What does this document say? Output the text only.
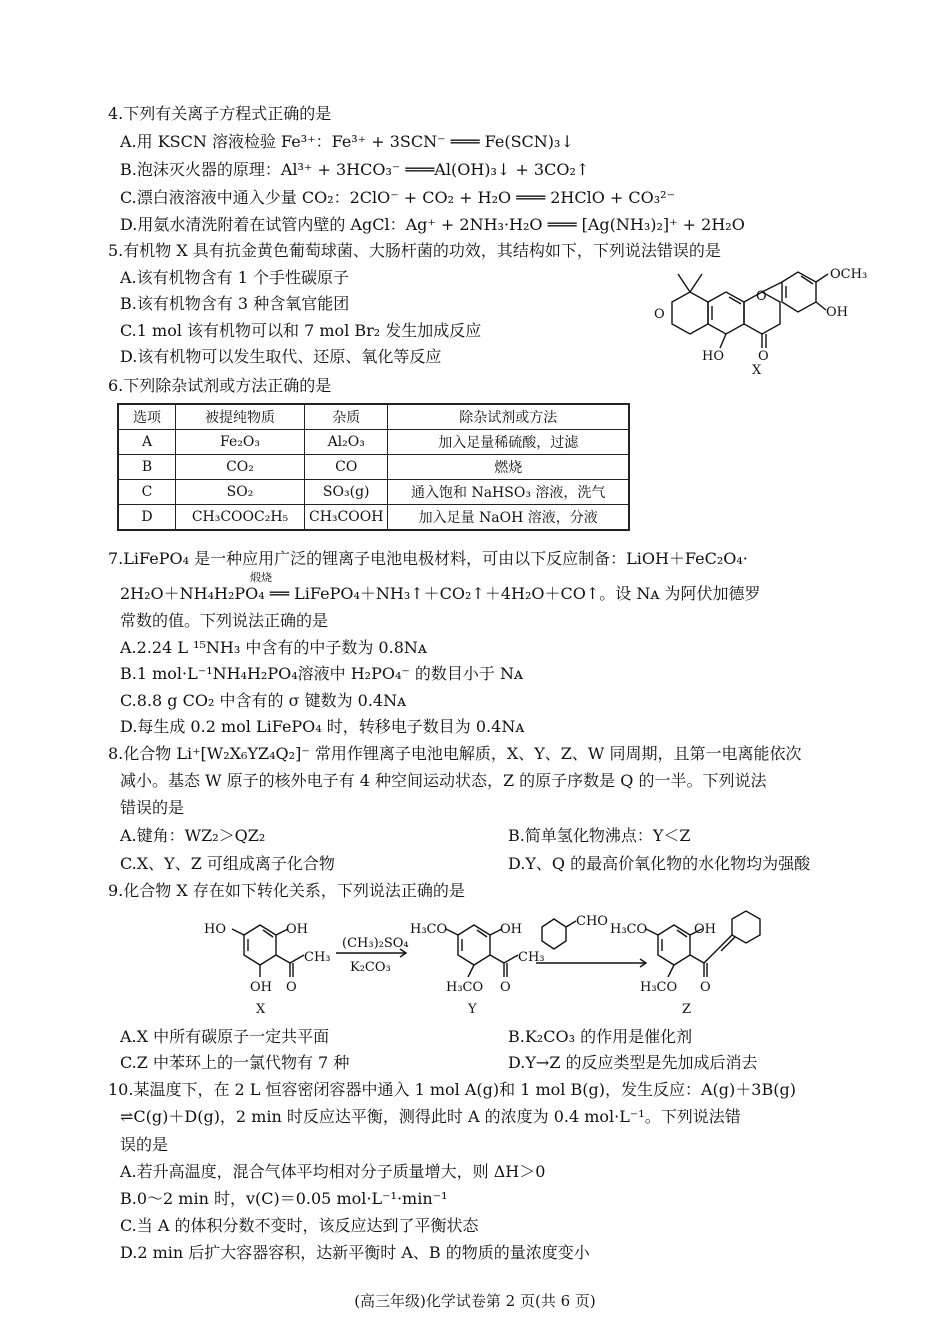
4.下列有关离子方程式正确的是
A.用 KSCN 溶液检验 Fe³⁺：Fe³⁺ + 3SCN⁻ ═══ Fe(SCN)₃↓
B.泡沫灭火器的原理：Al³⁺ + 3HCO₃⁻ ═══Al(OH)₃↓ + 3CO₂↑
C.漂白液溶液中通入少量 CO₂：2ClO⁻ + CO₂ + H₂O ═══ 2HClO + CO₃²⁻
D.用氨水清洗附着在试管内壁的 AgCl：Ag⁺ + 2NH₃·H₂O ═══ [Ag(NH₃)₂]⁺ + 2H₂O
5.有机物 X 具有抗金黄色葡萄球菌、大肠杆菌的功效，其结构如下，下列说法错误的是
A.该有机物含有 1 个手性碳原子
B.该有机物含有 3 种含氧官能团
C.1 mol 该有机物可以和 7 mol Br₂ 发生加成反应
D.该有机物可以发生取代、还原、氧化等反应
OCH₃
OH
O
O
HO	O
X
6.下列除杂试剂或方法正确的是
选项	被提纯物质	杂质	除杂试剂或方法
A	Fe₂O₃	Al₂O₃	加入足量稀硫酸，过滤
B	CO₂	CO	燃烧
C	SO₂	SO₃(g)	通入饱和 NaHSO₃ 溶液，洗气
D	CH₃COOC₂H₅	CH₃COOH	加入足量 NaOH 溶液，分液
7.LiFePO₄ 是一种应用广泛的锂离子电池电极材料，可由以下反应制备：LiOH＋FeC₂O₄·
煅烧
2H₂O＋NH₄H₂PO₄ ══ LiFePO₄＋NH₃↑＋CO₂↑＋4H₂O＋CO↑。设 Nᴀ 为阿伏加德罗
常数的值。下列说法正确的是
A.2.24 L ¹⁵NH₃ 中含有的中子数为 0.8Nᴀ
B.1 mol·L⁻¹NH₄H₂PO₄溶液中 H₂PO₄⁻ 的数目小于 Nᴀ
C.8.8 g CO₂ 中含有的 σ 键数为 0.4Nᴀ
D.每生成 0.2 mol LiFePO₄ 时，转移电子数目为 0.4Nᴀ
8.化合物 Li⁺[W₂X₆YZ₄Q₂]⁻ 常用作锂离子电池电解质，X、Y、Z、W 同周期，且第一电离能依次
减小。基态 W 原子的核外电子有 4 种空间运动状态，Z 的原子序数是 Q 的一半。下列说法
错误的是
A.键角：WZ₂＞QZ₂	B.简单氢化物沸点：Y＜Z
C.X、Y、Z 可组成离子化合物	D.Y、Q 的最高价氧化物的水化物均为强酸
9.化合物 X 存在如下转化关系，下列说法正确的是
HO	OH
CH₃
OH O
X
(CH₃)₂SO₄
K₂CO₃
H₃CO	OH
CH₃
H₃CO O
Y
CHO
H₃CO	OH
H₃CO O
Z
A.X 中所有碳原子一定共平面	B.K₂CO₃ 的作用是催化剂
C.Z 中苯环上的一氯代物有 7 种	D.Y→Z 的反应类型是先加成后消去
10.某温度下，在 2 L 恒容密闭容器中通入 1 mol A(g)和 1 mol B(g)，发生反应：A(g)＋3B(g)
⇌C(g)＋D(g)，2 min 时反应达平衡，测得此时 A 的浓度为 0.4 mol·L⁻¹。下列说法错
误的是
A.若升高温度，混合气体平均相对分子质量增大，则 ΔH＞0
B.0～2 min 时，v(C)＝0.05 mol·L⁻¹·min⁻¹
C.当 A 的体积分数不变时，该反应达到了平衡状态
D.2 min 后扩大容器容积，达新平衡时 A、B 的物质的量浓度变小
(高三年级)化学试卷第 2 页(共 6 页)
